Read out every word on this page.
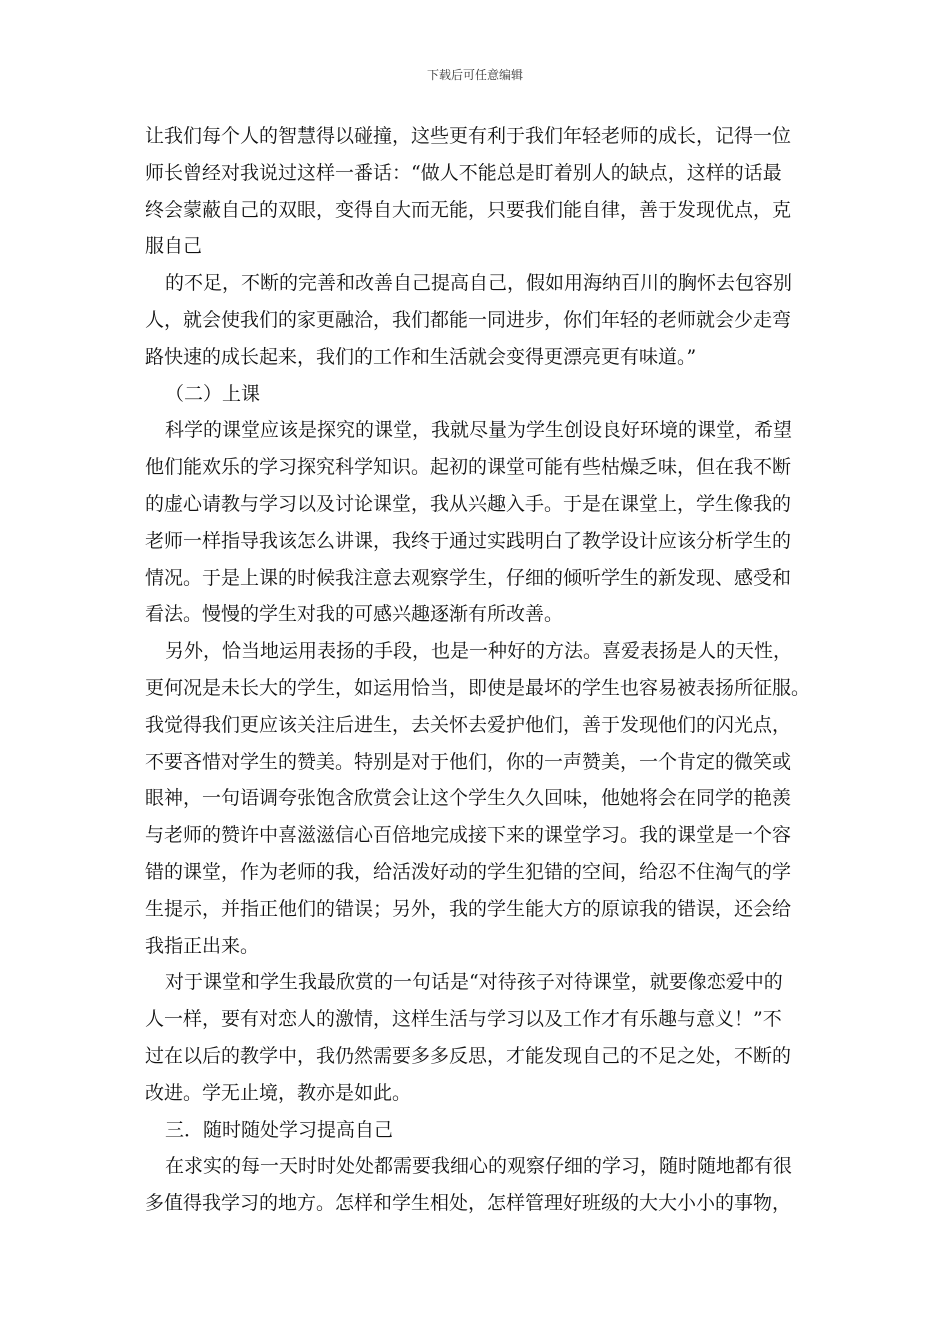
下载后可任意编辑
让我们每个人的智慧得以碰撞，这些更有利于我们年轻老师的成长，记得一位
师长曾经对我说过这样一番话：“做人不能总是盯着别人的缺点，这样的话最
终会蒙蔽自己的双眼，变得自大而无能，只要我们能自律，善于发现优点，克
服自己
的不足，不断的完善和改善自己提高自己，假如用海纳百川的胸怀去包容别
人，就会使我们的家更融洽，我们都能一同进步，你们年轻的老师就会少走弯
路快速的成长起来，我们的工作和生活就会变得更漂亮更有味道。”
（二）上课
科学的课堂应该是探究的课堂，我就尽量为学生创设良好环境的课堂，希望
他们能欢乐的学习探究科学知识。起初的课堂可能有些枯燥乏味，但在我不断
的虚心请教与学习以及讨论课堂，我从兴趣入手。于是在课堂上，学生像我的
老师一样指导我该怎么讲课，我终于通过实践明白了教学设计应该分析学生的
情况。于是上课的时候我注意去观察学生，仔细的倾听学生的新发现、感受和
看法。慢慢的学生对我的可感兴趣逐渐有所改善。
另外，恰当地运用表扬的手段，也是一种好的方法。喜爱表扬是人的天性，
更何况是未长大的学生，如运用恰当，即使是最坏的学生也容易被表扬所征服。
我觉得我们更应该关注后进生，去关怀去爱护他们，善于发现他们的闪光点，
不要吝惜对学生的赞美。特别是对于他们，你的一声赞美，一个肯定的微笑或
眼神，一句语调夸张饱含欣赏会让这个学生久久回味，他她将会在同学的艳羡
与老师的赞许中喜滋滋信心百倍地完成接下来的课堂学习。我的课堂是一个容
错的课堂，作为老师的我，给活泼好动的学生犯错的空间，给忍不住淘气的学
生提示，并指正他们的错误；另外，我的学生能大方的原谅我的错误，还会给
我指正出来。
对于课堂和学生我最欣赏的一句话是“对待孩子对待课堂，就要像恋爱中的
人一样，要有对恋人的激情，这样生活与学习以及工作才有乐趣与意义！”不
过在以后的教学中，我仍然需要多多反思，才能发现自己的不足之处，不断的
改进。学无止境，教亦是如此。
三．随时随处学习提高自己
在求实的每一天时时处处都需要我细心的观察仔细的学习，随时随地都有很
多值得我学习的地方。怎样和学生相处，怎样管理好班级的大大小小的事物，
